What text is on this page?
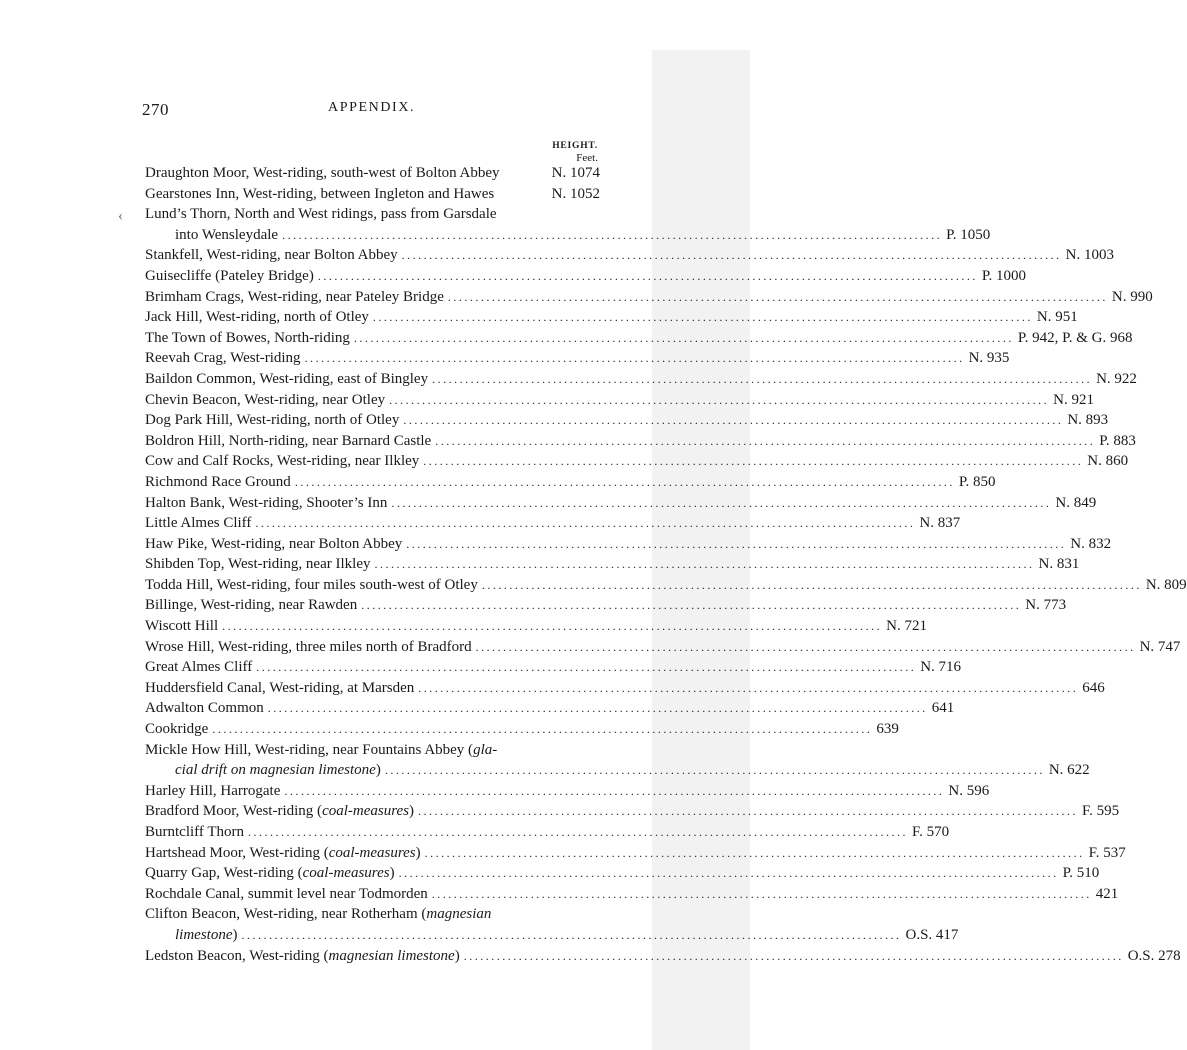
270	APPENDIX.
HEIGHT.
Feet.
‹
Draughton Moor, West-riding, south-west of Bolton Abbey	N. 1074
Gearstones Inn, West-riding, between Ingleton and Hawes	N. 1052
Lund’s Thorn, North and West ridings, pass from Garsdale
into Wensleydale ........................................................................................................................ P. 1050
Stankfell, West-riding, near Bolton Abbey ........................................................................................................................ N. 1003
Guisecliffe (Pateley Bridge) ........................................................................................................................ P. 1000
Brimham Crags, West-riding, near Pateley Bridge ........................................................................................................................ N. 990
Jack Hill, West-riding, north of Otley ........................................................................................................................ N. 951
The Town of Bowes, North-riding ........................................................................................................................ P. 942, P. & G. 968
Reevah Crag, West-riding ........................................................................................................................ N. 935
Baildon Common, West-riding, east of Bingley ........................................................................................................................ N. 922
Chevin Beacon, West-riding, near Otley ........................................................................................................................ N. 921
Dog Park Hill, West-riding, north of Otley ........................................................................................................................ N. 893
Boldron Hill, North-riding, near Barnard Castle ........................................................................................................................ P. 883
Cow and Calf Rocks, West-riding, near Ilkley ........................................................................................................................ N. 860
Richmond Race Ground ........................................................................................................................ P. 850
Halton Bank, West-riding, Shooter’s Inn ........................................................................................................................ N. 849
Little Almes Cliff ........................................................................................................................ N. 837
Haw Pike, West-riding, near Bolton Abbey ........................................................................................................................ N. 832
Shibden Top, West-riding, near Ilkley ........................................................................................................................ N. 831
Todda Hill, West-riding, four miles south-west of Otley ........................................................................................................................ N. 809
Billinge, West-riding, near Rawden ........................................................................................................................ N. 773
Wiscott Hill ........................................................................................................................ N. 721
Wrose Hill, West-riding, three miles north of Bradford ........................................................................................................................ N. 747
Great Almes Cliff ........................................................................................................................ N. 716
Huddersfield Canal, West-riding, at Marsden ........................................................................................................................ 646
Adwalton Common ........................................................................................................................ 641
Cookridge ........................................................................................................................ 639
Mickle How Hill, West-riding, near Fountains Abbey (gla-
cial drift on magnesian limestone) ........................................................................................................................ N. 622
Harley Hill, Harrogate ........................................................................................................................ N. 596
Bradford Moor, West-riding (coal-measures) ........................................................................................................................ F. 595
Burntcliff Thorn ........................................................................................................................ F. 570
Hartshead Moor, West-riding (coal-measures) ........................................................................................................................ F. 537
Quarry Gap, West-riding (coal-measures) ........................................................................................................................ P. 510
Rochdale Canal, summit level near Todmorden ........................................................................................................................ 421
Clifton Beacon, West-riding, near Rotherham (magnesian
limestone) ........................................................................................................................ O.S. 417
Ledston Beacon, West-riding (magnesian limestone) ........................................................................................................................ O.S. 278
